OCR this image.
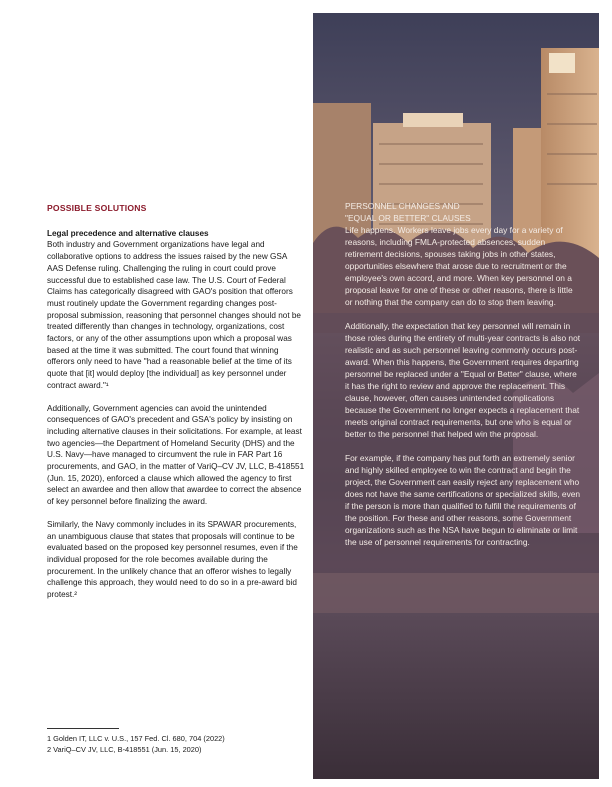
POSSIBLE SOLUTIONS

Legal precedence and alternative clauses

Both industry and Government organizations have legal and collaborative options to address the issues raised by the new GSA AAS Defense ruling. Challenging the ruling in court could prove successful due to established case law. The U.S. Court of Federal Claims has categorically disagreed with GAO's position that offerors must routinely update the Government regarding changes post-proposal submission, reasoning that personnel changes should not be treated differently than changes in technology, organizations, cost factors, or any of the other assumptions upon which a proposal was based at the time it was submitted. The court found that winning offerors only need to have "had a reasonable belief at the time of its quote that [it] would deploy [the individual] as key personnel under contract award."¹

Additionally, Government agencies can avoid the unintended consequences of GAO's precedent and GSA's policy by insisting on including alternative clauses in their solicitations. For example, at least two agencies—the Department of Homeland Security (DHS) and the U.S. Navy—have managed to circumvent the rule in FAR Part 16 procurements, and GAO, in the matter of VariQ–CV JV, LLC, B-418551 (Jun. 15, 2020), enforced a clause which allowed the agency to first select an awardee and then allow that awardee to correct the absence of key personnel before finalizing the award.

Similarly, the Navy commonly includes in its SPAWAR procurements, an unambiguous clause that states that proposals will continue to be evaluated based on the proposed key personnel resumes, even if the individual proposed for the role becomes available during the procurement. In the unlikely chance that an offeror wishes to legally challenge this approach, they would need to do so in a pre-award bid protest.²

1 Golden IT, LLC v. U.S., 157 Fed. Cl. 680, 704 (2022)
2 VariQ–CV JV, LLC, B-418551 (Jun. 15, 2020)

PERSONNEL CHANGES AND

"EQUAL OR BETTER" CLAUSES

Life happens. Workers leave jobs every day for a variety of reasons, including FMLA-protected absences, sudden retirement decisions, spouses taking jobs in other states, opportunities elsewhere that arose due to recruitment or the employee's own accord, and more. When key personnel on a proposal leave for one of these or other reasons, there is little or nothing that the company can do to stop them leaving.

Additionally, the expectation that key personnel will remain in those roles during the entirety of multi-year contracts is also not realistic and as such personnel leaving commonly occurs post-award. When this happens, the Government requires departing personnel be replaced under a "Equal or Better" clause, where it has the right to review and approve the replacement. This clause, however, often causes unintended complications because the Government no longer expects a replacement that meets original contract requirements, but one who is equal or better to the personnel that helped win the proposal.

For example, if the company has put forth an extremely senior and highly skilled employee to win the contract and begin the project, the Government can easily reject any replacement who does not have the same certifications or specialized skills, even if the person is more than qualified to fulfill the requirements of the position. For these and other reasons, some Government organizations such as the NSA have begun to eliminate or limit the use of personnel requirements for contracting.
